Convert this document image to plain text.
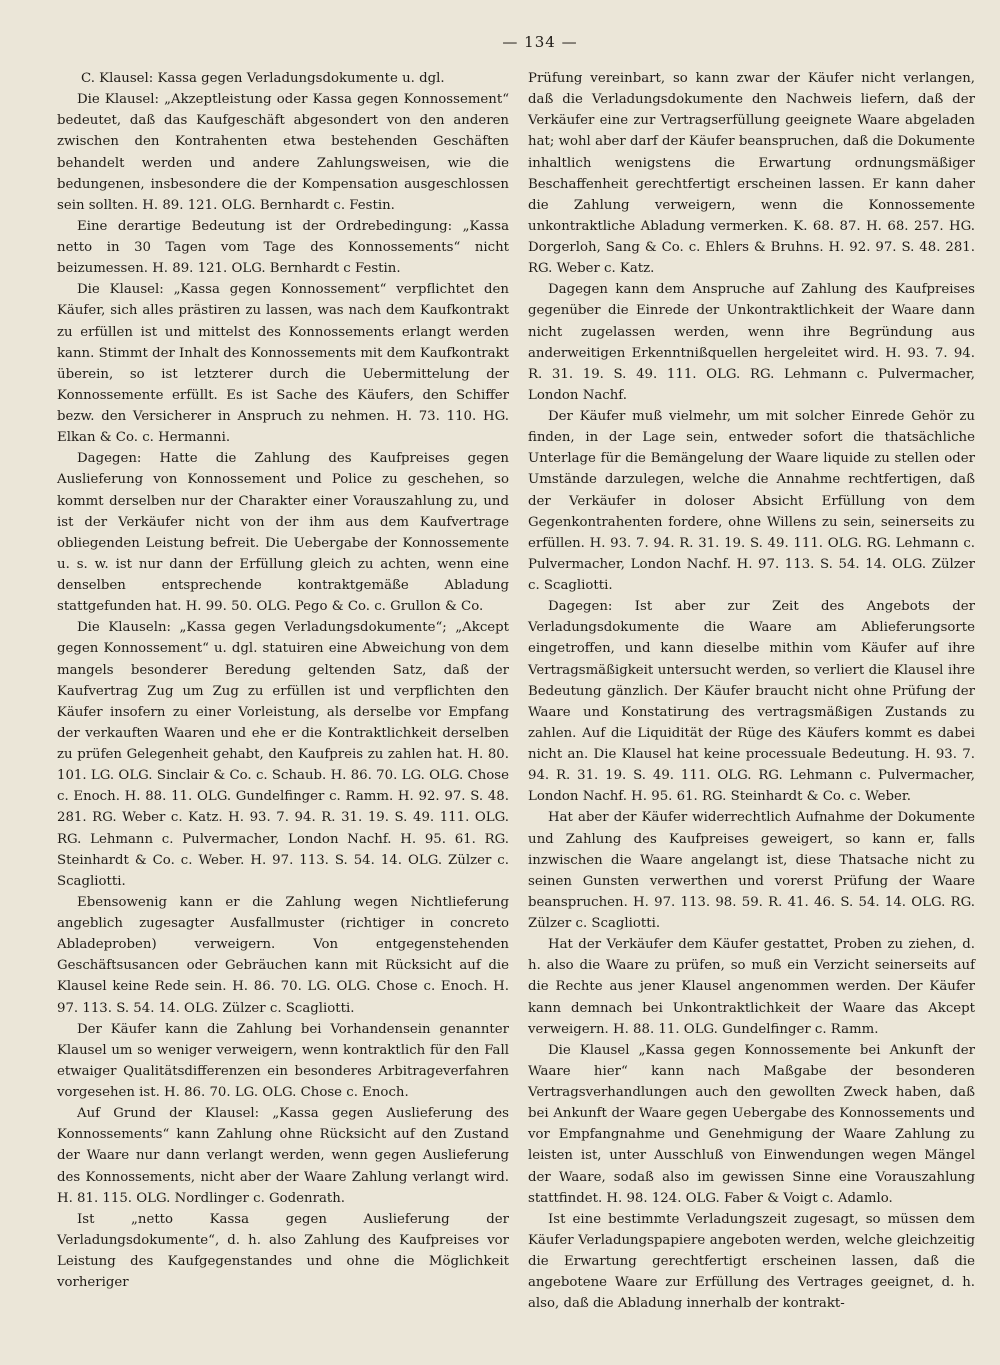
— 134 —

C. Klausel: Kassa gegen Verladungsdokumente u. dgl.

Die Klausel: „Akzeptleistung oder Kassa gegen Konnossement“ bedeutet, daß das Kaufgeschäft abgesondert von den anderen zwischen den Kontrahenten etwa bestehenden Geschäften behandelt werden und andere Zahlungsweisen, wie die bedungenen, insbesondere die der Kompensation ausgeschlossen sein sollten. H. 89. 121. OLG. Bernhardt c. Festin.

Eine derartige Bedeutung ist der Ordrebedingung: „Kassa netto in 30 Tagen vom Tage des Konnossements“ nicht beizumessen. H. 89. 121. OLG. Bernhardt c Festin.

Die Klausel: „Kassa gegen Konnossement“ verpflichtet den Käufer, sich alles prästiren zu lassen, was nach dem Kaufkontrakt zu erfüllen ist und mittelst des Konnossements erlangt werden kann. Stimmt der Inhalt des Konnossements mit dem Kaufkontrakt überein, so ist letzterer durch die Uebermittelung der Konnossemente erfüllt. Es ist Sache des Käufers, den Schiffer bezw. den Versicherer in Anspruch zu nehmen. H. 73. 110. HG. Elkan & Co. c. Hermanni.

Dagegen: Hatte die Zahlung des Kaufpreises gegen Auslieferung von Konnossement und Police zu geschehen, so kommt derselben nur der Charakter einer Vorauszahlung zu, und ist der Verkäufer nicht von der ihm aus dem Kaufvertrage obliegenden Leistung befreit. Die Uebergabe der Konnossemente u. s. w. ist nur dann der Erfüllung gleich zu achten, wenn eine denselben entsprechende kontraktgemäße Abladung stattgefunden hat. H. 99. 50. OLG. Pego & Co. c. Grullon & Co.

Die Klauseln: „Kassa gegen Verladungsdokumente“; „Akcept gegen Konnossement“ u. dgl. statuiren eine Abweichung von dem mangels besonderer Beredung geltenden Satz, daß der Kaufvertrag Zug um Zug zu erfüllen ist und verpflichten den Käufer insofern zu einer Vorleistung, als derselbe vor Empfang der verkauften Waaren und ehe er die Kontraktlichkeit derselben zu prüfen Gelegenheit gehabt, den Kaufpreis zu zahlen hat. H. 80. 101. LG. OLG. Sinclair & Co. c. Schaub. H. 86. 70. LG. OLG. Chose c. Enoch. H. 88. 11. OLG. Gundelfinger c. Ramm. H. 92. 97. S. 48. 281. RG. Weber c. Katz. H. 93. 7. 94. R. 31. 19. S. 49. 111. OLG. RG. Lehmann c. Pulvermacher, London Nachf. H. 95. 61. RG. Steinhardt & Co. c. Weber. H. 97. 113. S. 54. 14. OLG. Zülzer c. Scagliotti.

Ebensowenig kann er die Zahlung wegen Nichtlieferung angeblich zugesagter Ausfallmuster (richtiger in concreto Abladeproben) verweigern. Von entgegenstehenden Geschäftsusancen oder Gebräuchen kann mit Rücksicht auf die Klausel keine Rede sein. H. 86. 70. LG. OLG. Chose c. Enoch. H. 97. 113. S. 54. 14. OLG. Zülzer c. Scagliotti.

Der Käufer kann die Zahlung bei Vorhandensein genannter Klausel um so weniger verweigern, wenn kontraktlich für den Fall etwaiger Qualitätsdifferenzen ein besonderes Arbitrageverfahren vorgesehen ist. H. 86. 70. LG. OLG. Chose c. Enoch.

Auf Grund der Klausel: „Kassa gegen Auslieferung des Konnossements“ kann Zahlung ohne Rücksicht auf den Zustand der Waare nur dann verlangt werden, wenn gegen Auslieferung des Konnossements, nicht aber der Waare Zahlung verlangt wird. H. 81. 115. OLG. Nordlinger c. Godenrath.

Ist „netto Kassa gegen Auslieferung der Verladungsdokumente“, d. h. also Zahlung des Kaufpreises vor Leistung des Kaufgegenstandes und ohne die Möglichkeit vorheriger

Prüfung vereinbart, so kann zwar der Käufer nicht verlangen, daß die Verladungsdokumente den Nachweis liefern, daß der Verkäufer eine zur Vertragserfüllung geeignete Waare abgeladen hat; wohl aber darf der Käufer beanspruchen, daß die Dokumente inhaltlich wenigstens die Erwartung ordnungsmäßiger Beschaffenheit gerechtfertigt erscheinen lassen. Er kann daher die Zahlung verweigern, wenn die Konnossemente unkontraktliche Abladung vermerken. K. 68. 87. H. 68. 257. HG. Dorgerloh, Sang & Co. c. Ehlers & Bruhns. H. 92. 97. S. 48. 281. RG. Weber c. Katz.

Dagegen kann dem Anspruche auf Zahlung des Kaufpreises gegenüber die Einrede der Unkontraktlichkeit der Waare dann nicht zugelassen werden, wenn ihre Begründung aus anderweitigen Erkenntnißquellen hergeleitet wird. H. 93. 7. 94. R. 31. 19. S. 49. 111. OLG. RG. Lehmann c. Pulvermacher, London Nachf.

Der Käufer muß vielmehr, um mit solcher Einrede Gehör zu finden, in der Lage sein, entweder sofort die thatsächliche Unterlage für die Bemängelung der Waare liquide zu stellen oder Umstände darzulegen, welche die Annahme rechtfertigen, daß der Verkäufer in doloser Absicht Erfüllung von dem Gegenkontrahenten fordere, ohne Willens zu sein, seinerseits zu erfüllen. H. 93. 7. 94. R. 31. 19. S. 49. 111. OLG. RG. Lehmann c. Pulvermacher, London Nachf. H. 97. 113. S. 54. 14. OLG. Zülzer c. Scagliotti.

Dagegen: Ist aber zur Zeit des Angebots der Verladungsdokumente die Waare am Ablieferungsorte eingetroffen, und kann dieselbe mithin vom Käufer auf ihre Vertragsmäßigkeit untersucht werden, so verliert die Klausel ihre Bedeutung gänzlich. Der Käufer braucht nicht ohne Prüfung der Waare und Konstatirung des vertragsmäßigen Zustands zu zahlen. Auf die Liquidität der Rüge des Käufers kommt es dabei nicht an. Die Klausel hat keine processuale Bedeutung. H. 93. 7. 94. R. 31. 19. S. 49. 111. OLG. RG. Lehmann c. Pulvermacher, London Nachf. H. 95. 61. RG. Steinhardt & Co. c. Weber.

Hat aber der Käufer widerrechtlich Aufnahme der Dokumente und Zahlung des Kaufpreises geweigert, so kann er, falls inzwischen die Waare angelangt ist, diese Thatsache nicht zu seinen Gunsten verwerthen und vorerst Prüfung der Waare beanspruchen. H. 97. 113. 98. 59. R. 41. 46. S. 54. 14. OLG. RG. Zülzer c. Scagliotti.

Hat der Verkäufer dem Käufer gestattet, Proben zu ziehen, d. h. also die Waare zu prüfen, so muß ein Verzicht seinerseits auf die Rechte aus jener Klausel angenommen werden. Der Käufer kann demnach bei Unkontraktlichkeit der Waare das Akcept verweigern. H. 88. 11. OLG. Gundelfinger c. Ramm.

Die Klausel „Kassa gegen Konnossemente bei Ankunft der Waare hier“ kann nach Maßgabe der besonderen Vertragsverhandlungen auch den gewollten Zweck haben, daß bei Ankunft der Waare gegen Uebergabe des Konnossements und vor Empfangnahme und Genehmigung der Waare Zahlung zu leisten ist, unter Ausschluß von Einwendungen wegen Mängel der Waare, sodaß also im gewissen Sinne eine Vorauszahlung stattfindet. H. 98. 124. OLG. Faber & Voigt c. Adamlo.

Ist eine bestimmte Verladungszeit zugesagt, so müssen dem Käufer Verladungspapiere angeboten werden, welche gleichzeitig die Erwartung gerechtfertigt erscheinen lassen, daß die angebotene Waare zur Erfüllung des Vertrages geeignet, d. h. also, daß die Abladung innerhalb der kontrakt-
